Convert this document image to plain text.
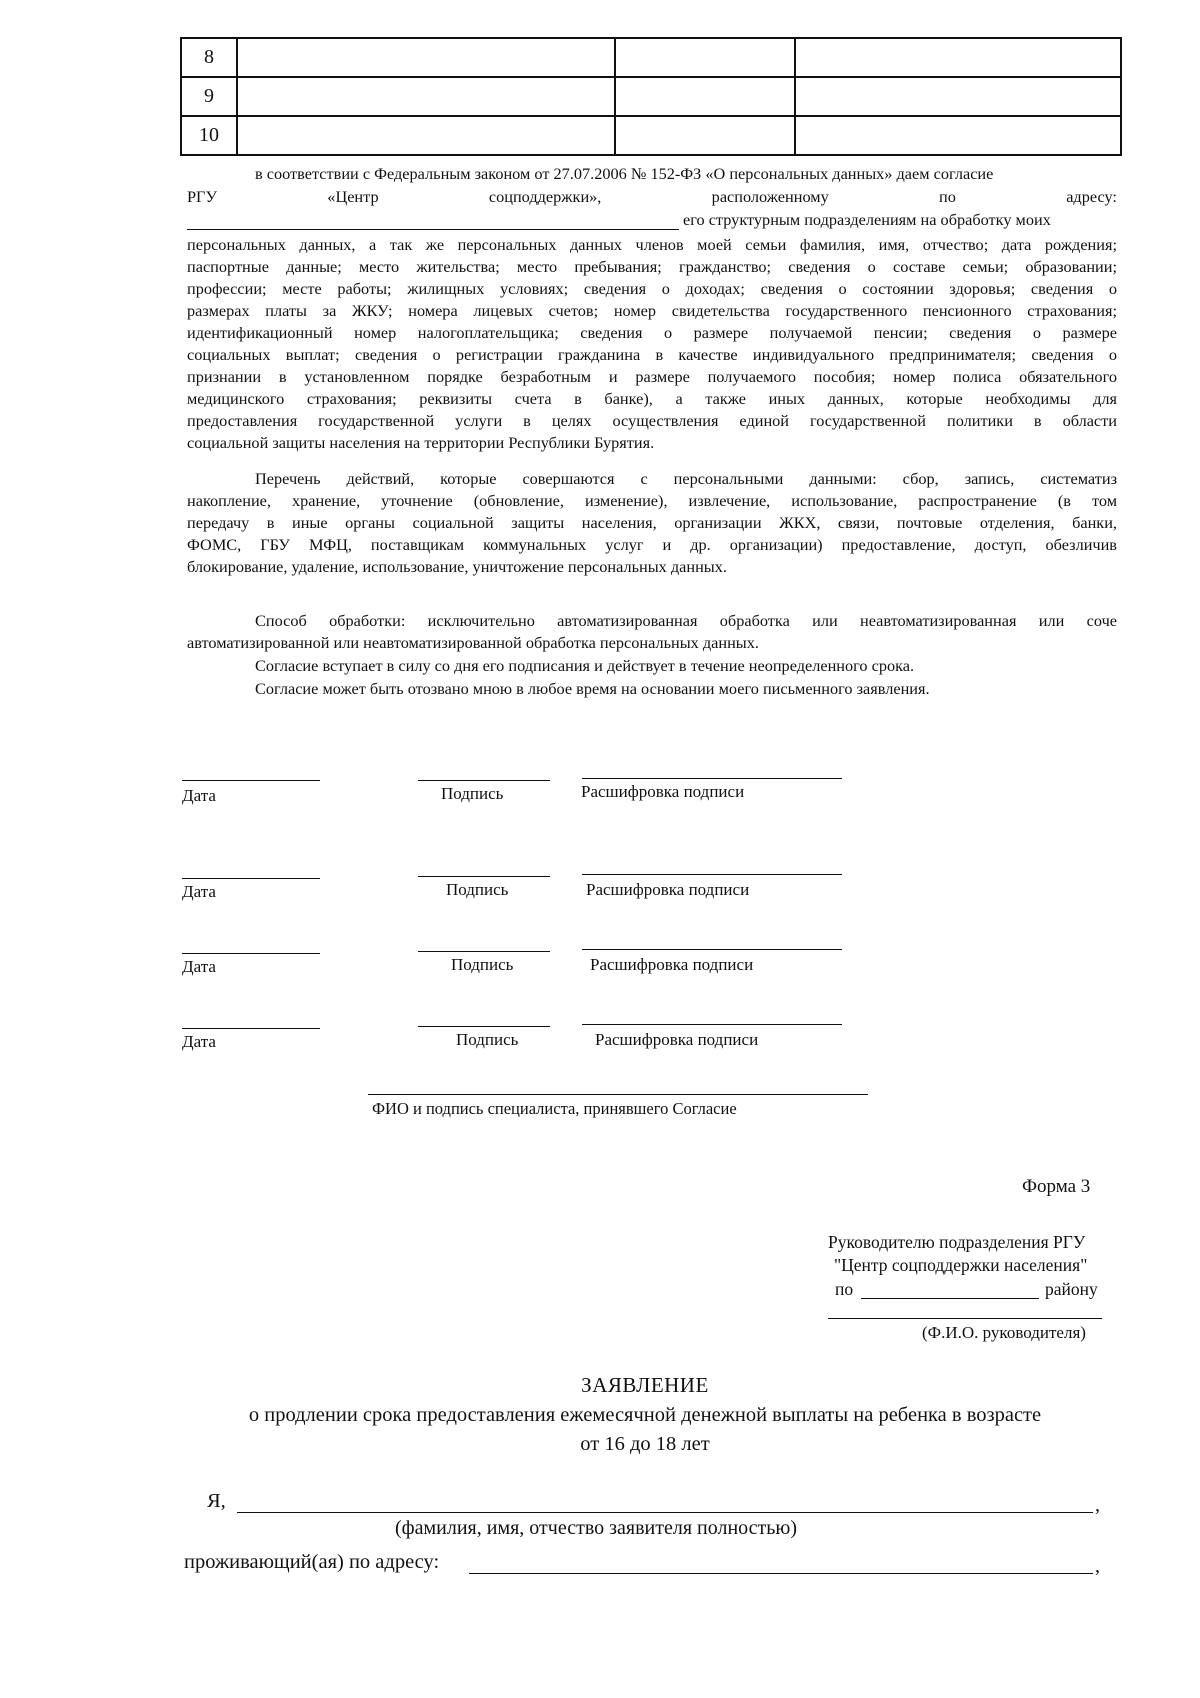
8			
9			
10			
в соответствии с Федеральным законом от 27.07.2006 № 152-ФЗ «О персональных данных» даем согласие
РГУ	«Центр	соцподдержки»,	расположенному	по	адресу:
его структурным подразделениям на обработку моих
персональных данных, а так же персональных данных членов моей семьи фамилия, имя, отчество; дата рождения;
паспортные данные; место жительства; место пребывания; гражданство; сведения о составе семьи; образовании;
профессии; месте работы; жилищных условиях; сведения о доходах; сведения о состоянии здоровья; сведения о
размерах платы за ЖКУ; номера лицевых счетов; номер свидетельства государственного пенсионного страхования;
идентификационный номер налогоплательщика; сведения о размере получаемой пенсии; сведения о размере
социальных выплат; сведения о регистрации гражданина в качестве индивидуального предпринимателя; сведения о
признании в установленном порядке безработным и размере получаемого пособия; номер полиса обязательного
медицинского страхования; реквизиты счета в банке), а также иных данных, которые необходимы для
предоставления государственной услуги в целях осуществления единой государственной политики в области
социальной защиты населения на территории Республики Бурятия.
Перечень действий, которые совершаются с персональными данными: сбор, запись, систематиз
накопление, хранение, уточнение (обновление, изменение), извлечение, использование, распространение (в том
передачу в иные органы социальной защиты населения, организации ЖКХ, связи, почтовые отделения, банки,
ФОМС, ГБУ МФЦ, поставщикам коммунальных услуг и др. организации) предоставление, доступ, обезличив
блокирование, удаление, использование, уничтожение персональных данных.
Способ обработки: исключительно автоматизированная обработка или неавтоматизированная или соче
автоматизированной или неавтоматизированной обработка персональных данных.
Согласие вступает в силу со дня его подписания и действует в течение неопределенного срока.
Согласие может быть отозвано мною в любое время на основании моего письменного заявления.
Дата	Подпись	Расшифровка подписи
Дата	Подпись	Расшифровка подписи
Дата	Подпись	Расшифровка подписи
Дата	Подпись	Расшифровка подписи
ФИО и подпись специалиста, принявшего Согласие
Форма 3
Руководителю подразделения РГУ
"Центр соцподдержки населения"
по	району
(Ф.И.О. руководителя)
ЗАЯВЛЕНИЕ
о продлении срока предоставления ежемесячной денежной выплаты на ребенка в возрасте
от 16 до 18 лет
Я,	,
(фамилия, имя, отчество заявителя полностью)
проживающий(ая) по адресу:	,
